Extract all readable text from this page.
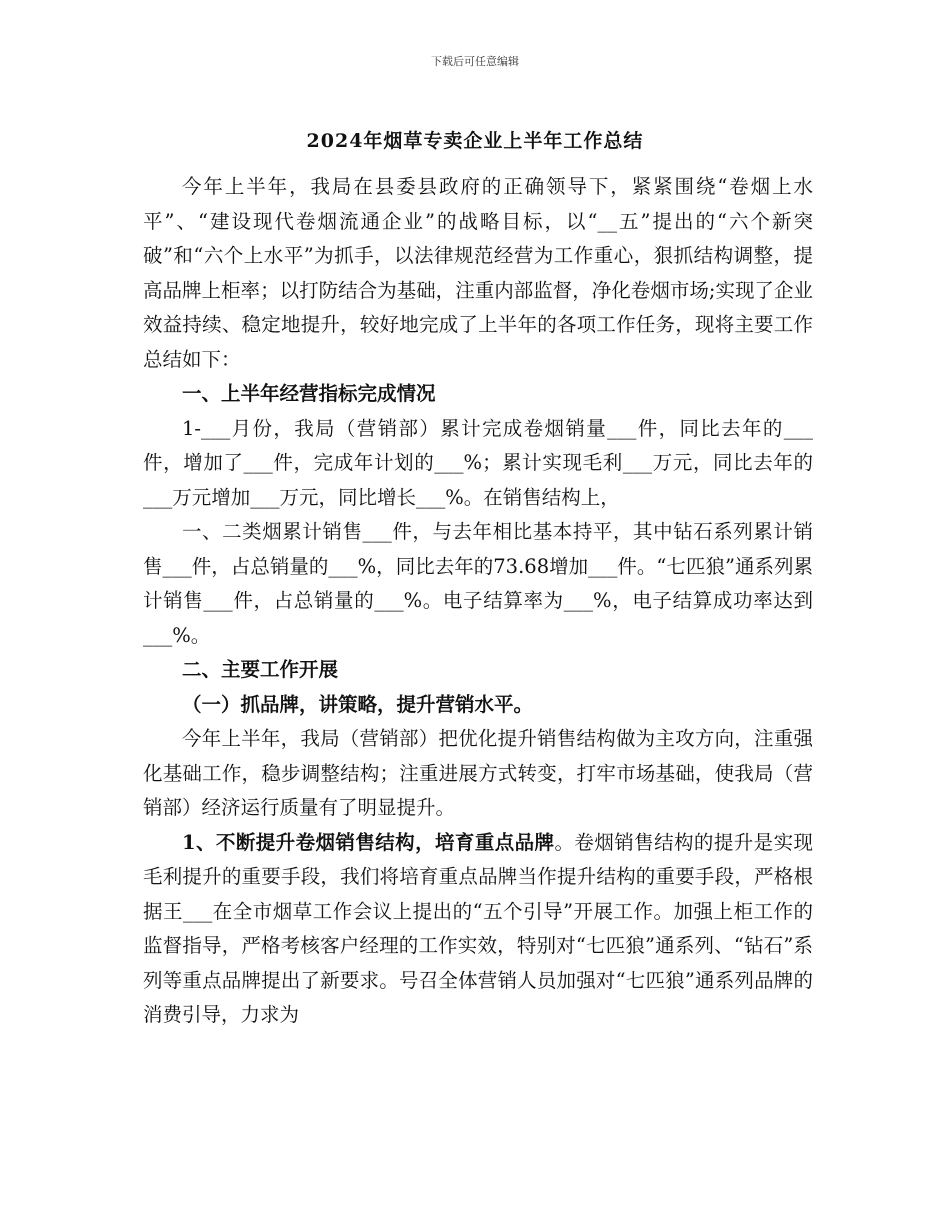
下载后可任意编辑
2024年烟草专卖企业上半年工作总结

今年上半年，我局在县委县政府的正确领导下，紧紧围绕“卷烟上水平”、“建设现代卷烟流通企业”的战略目标，以“__五”提出的“六个新突破”和“六个上水平”为抓手，以法律规范经营为工作重心，狠抓结构调整，提高品牌上柜率；以打防结合为基础，注重内部监督，净化卷烟市场;实现了企业效益持续、稳定地提升，较好地完成了上半年的各项工作任务，现将主要工作总结如下：

一、上半年经营指标完成情况

1-___月份，我局（营销部）累计完成卷烟销量___件，同比去年的___件，增加了___件，完成年计划的___%；累计实现毛利___万元，同比去年的___万元增加___万元，同比增长___%。在销售结构上，

一、二类烟累计销售___件，与去年相比基本持平，其中钻石系列累计销售___件，占总销量的___%，同比去年的73.68增加___件。“七匹狼”通系列累计销售___件，占总销量的___%。电子结算率为___%，电子结算成功率达到___%。

二、主要工作开展

（一）抓品牌，讲策略，提升营销水平。

今年上半年，我局（营销部）把优化提升销售结构做为主攻方向，注重强化基础工作，稳步调整结构；注重进展方式转变，打牢市场基础，使我局（营销部）经济运行质量有了明显提升。

1、不断提升卷烟销售结构，培育重点品牌。卷烟销售结构的提升是实现毛利提升的重要手段，我们将培育重点品牌当作提升结构的重要手段，严格根据王___在全市烟草工作会议上提出的“五个引导”开展工作。加强上柜工作的监督指导，严格考核客户经理的工作实效，特别对“七匹狼”通系列、“钻石”系列等重点品牌提出了新要求。号召全体营销人员加强对“七匹狼”通系列品牌的消费引导，力求为
